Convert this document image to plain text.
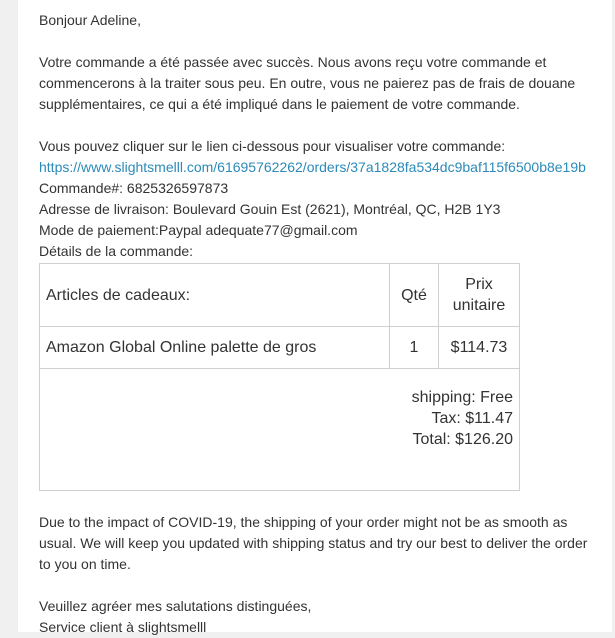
Bonjour Adeline,

Votre commande a été passée avec succès. Nous avons reçu votre commande et commencerons à la traiter sous peu. En outre, vous ne paierez pas de frais de douane supplémentaires, ce qui a été impliqué dans le paiement de votre commande.

Vous pouvez cliquer sur le lien ci-dessous pour visualiser votre commande:

https://www.slightsmelll.com/61695762262/orders/37a1828fa534dc9baf115f6500b8e19b

Commande#: 6825326597873

Adresse de livraison: Boulevard Gouin Est (2621), Montréal, QC, H2B 1Y3

Mode de paiement:Paypal adequate77@gmail.com

Détails de la commande:

Articles de cadeaux:	Qté	Prix unitaire
Amazon Global Online palette de gros	1	$114.73

shipping: Free
Tax: $11.47
Total: $126.20		

Due to the impact of COVID-19, the shipping of your order might not be as smooth as usual. We will keep you updated with shipping status and try our best to deliver the order to you on time.

Veuillez agréer mes salutations distinguées,

Service client à slightsmelll
